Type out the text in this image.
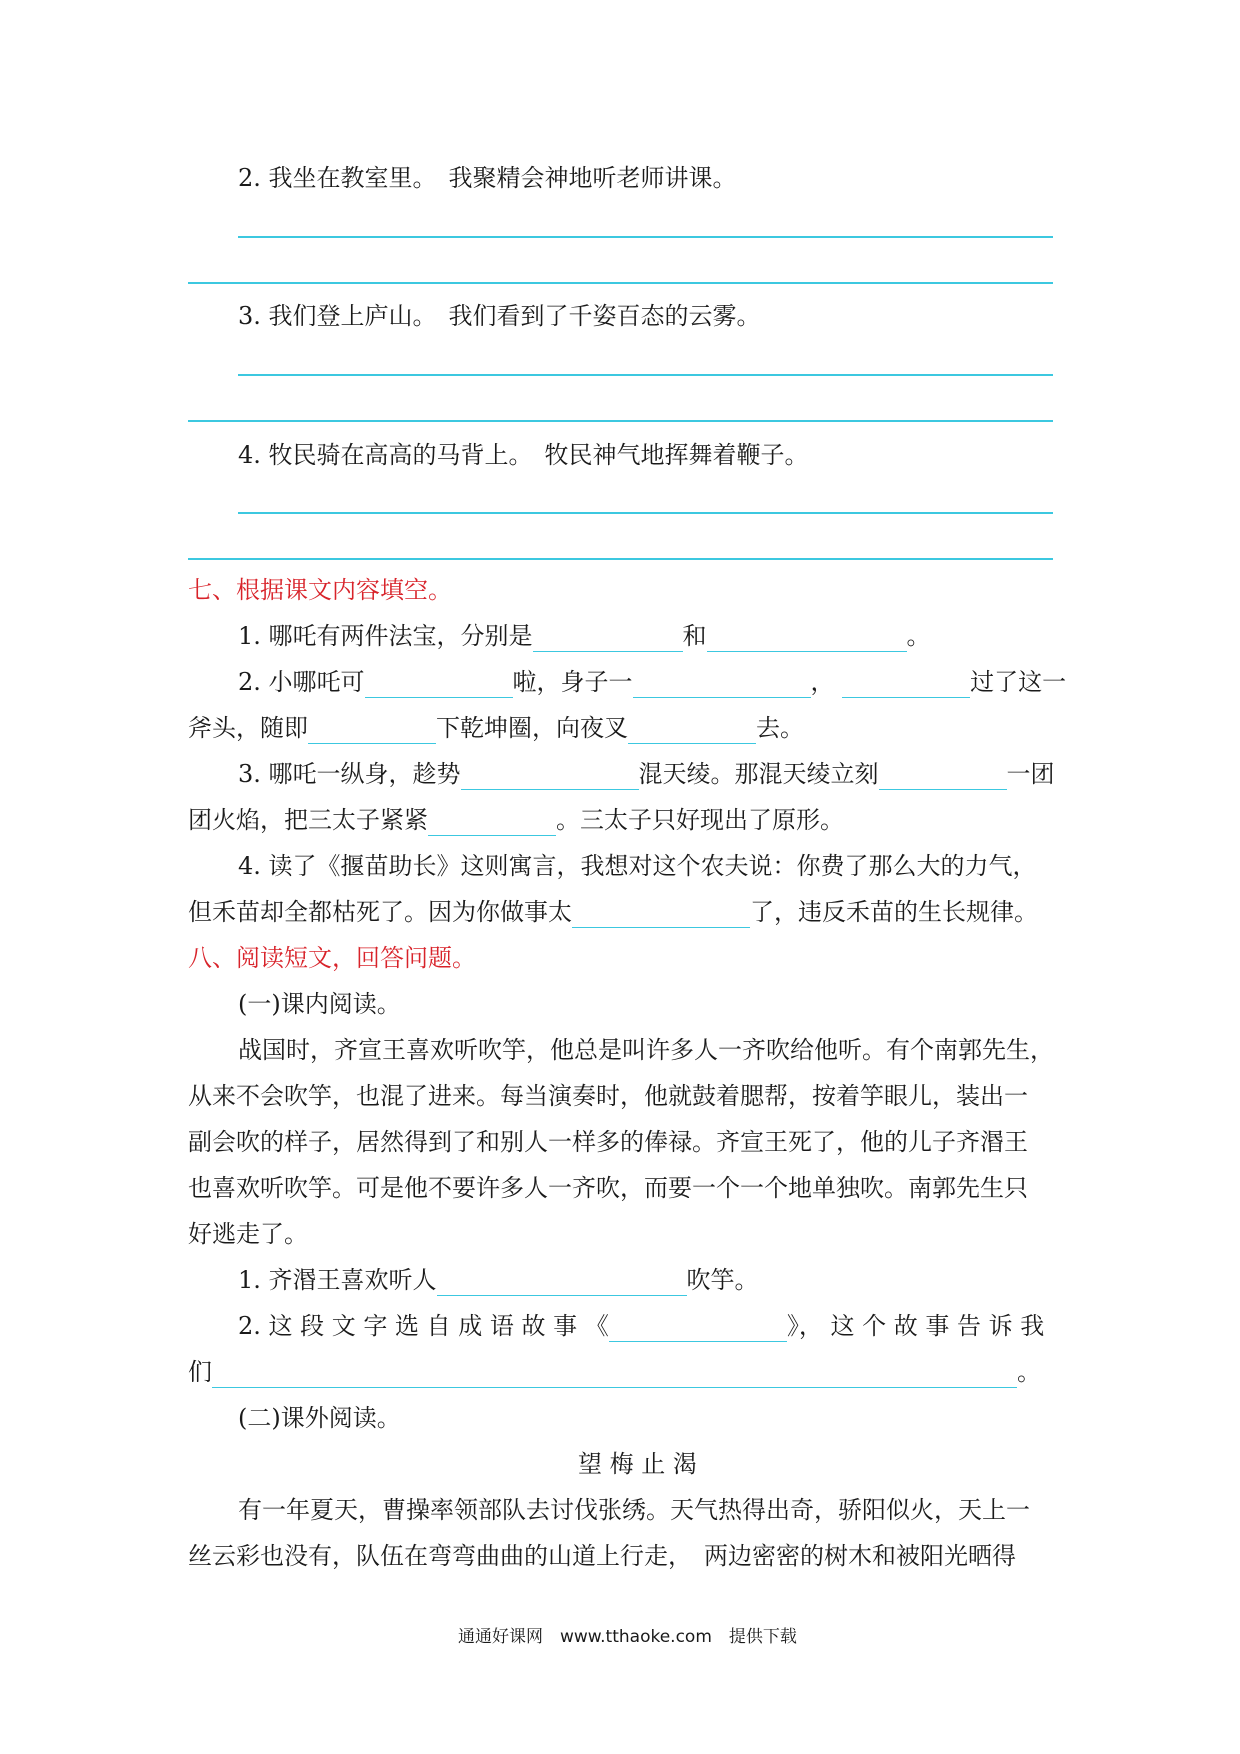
2. 我坐在教室里。　我聚精会神地听老师讲课。
3. 我们登上庐山。　我们看到了千姿百态的云雾。
4. 牧民骑在高高的马背上。　牧民神气地挥舞着鞭子。
七、根据课文内容填空。
1. 哪吒有两件法宝，分别是	和	。
2. 小哪吒可	啦，身子一	，	过了这一
斧头，随即	下乾坤圈，向夜叉	去。
3. 哪吒一纵身，趁势	混天绫。那混天绫立刻	一团
团火焰，把三太子紧紧	。三太子只好现出了原形。
4. 读了《揠苗助长》这则寓言，我想对这个农夫说：你费了那么大的力气，
但禾苗却全都枯死了。因为你做事太	了，违反禾苗的生长规律。
八、阅读短文，回答问题。
(一)课内阅读。
战国时，齐宣王喜欢听吹竽，他总是叫许多人一齐吹给他听。有个南郭先生，
从来不会吹竽，也混了进来。每当演奏时，他就鼓着腮帮，按着竽眼儿，装出一
副会吹的样子，居然得到了和别人一样多的俸禄。齐宣王死了，他的儿子齐湣王
也喜欢听吹竽。可是他不要许多人一齐吹，而要一个一个地单独吹。南郭先生只
好逃走了。
1. 齐湣王喜欢听人	吹竽。
2. 这 段 文 字 选 自 成 语 故 事 《	》， 这 个 故 事 告 诉 我
们	。
(二)课外阅读。
望 梅 止 渴
有一年夏天，曹操率领部队去讨伐张绣。天气热得出奇，骄阳似火，天上一
丝云彩也没有，队伍在弯弯曲曲的山道上行走，　两边密密的树木和被阳光晒得
通通好课网　www.tthaoke.com　提供下载
